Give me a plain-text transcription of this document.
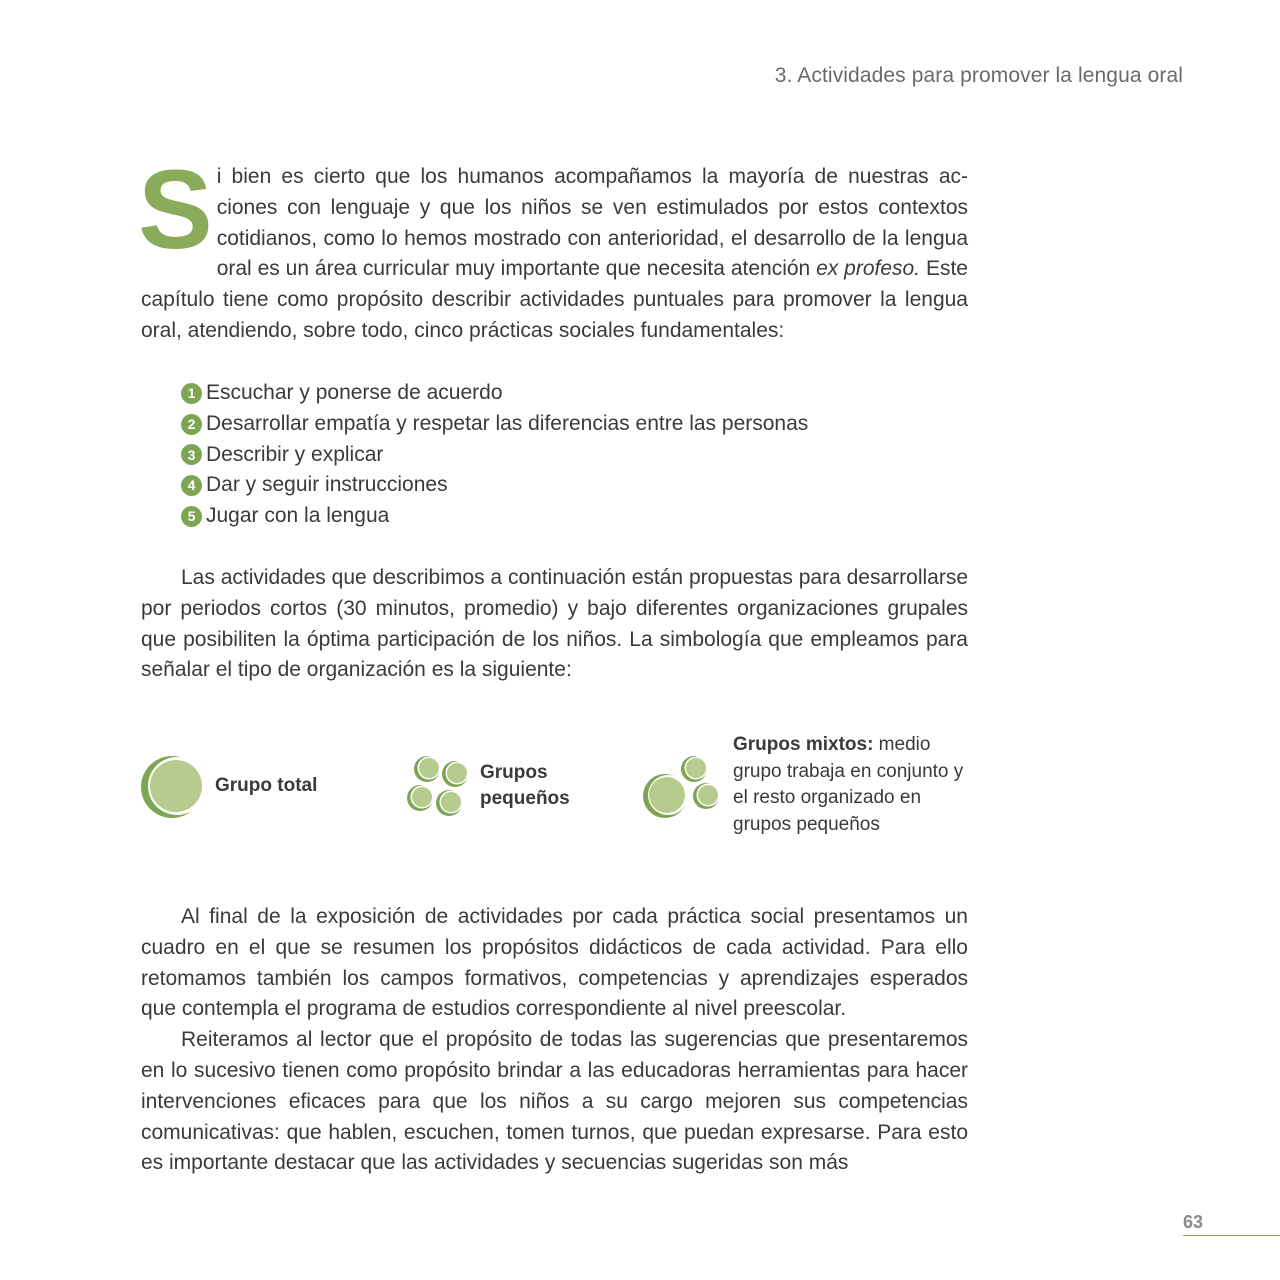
3. Actividades para promover la lengua oral
S i bien es cierto que los humanos acompañamos la mayoría de nuestras acciones con lenguaje y que los niños se ven estimulados por estos contextos cotidianos, como lo hemos mostrado con anterioridad, el desarrollo de la lengua oral es un área curricular muy importante que necesita atención ex profeso. Este capítulo tiene como propósito describir actividades puntuales para promover la lengua oral, atendiendo, sobre todo, cinco prácticas sociales fundamentales:

1 Escuchar y ponerse de acuerdo
2 Desarrollar empatía y respetar las diferencias entre las personas
3 Describir y explicar
4 Dar y seguir instrucciones
5 Jugar con la lengua

Las actividades que describimos a continuación están propuestas para desarrollarse por periodos cortos (30 minutos, promedio) y bajo diferentes organizaciones grupales que posibiliten la óptima participación de los niños. La simbología que empleamos para señalar el tipo de organización es la siguiente:

Grupo total
Grupos
pequeños
Grupos mixtos: medio grupo trabaja en conjunto y el resto organizado en grupos pequeños

Al final de la exposición de actividades por cada práctica social presentamos un cuadro en el que se resumen los propósitos didácticos de cada actividad. Para ello retomamos también los campos formativos, competencias y aprendizajes esperados que contempla el programa de estudios correspondiente al nivel preescolar.

Reiteramos al lector que el propósito de todas las sugerencias que presentaremos en lo sucesivo tienen como propósito brindar a las educadoras herramientas para hacer intervenciones eficaces para que los niños a su cargo mejoren sus competencias comunicativas: que hablen, escuchen, tomen turnos, que puedan expresarse. Para esto es importante destacar que las actividades y secuencias sugeridas son más

63
